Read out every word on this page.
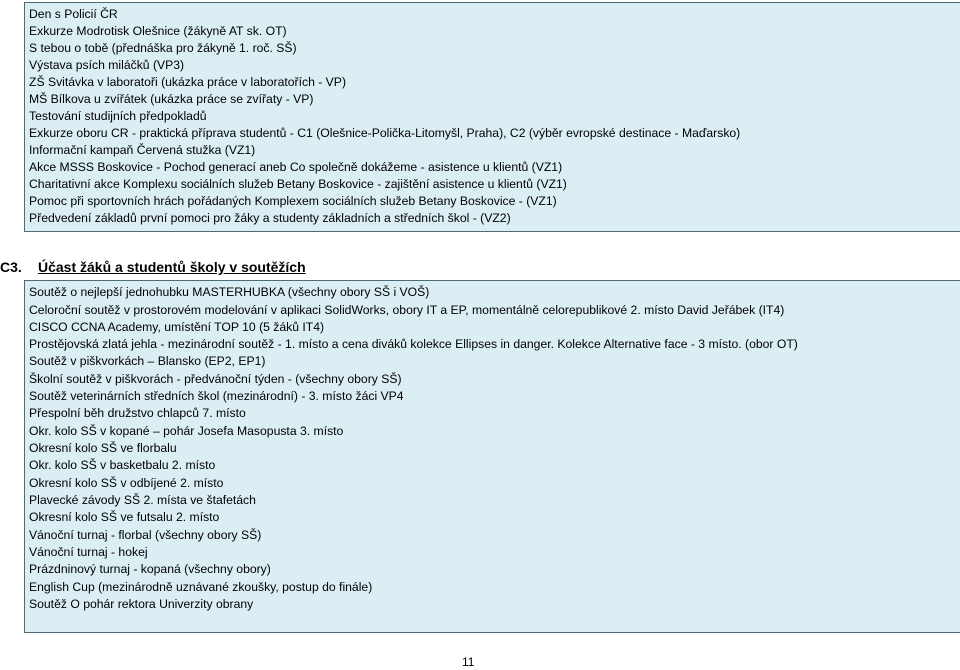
Den s Policií ČR
Exkurze Modrotisk Olešnice (žákyně AT sk. OT)
S tebou o tobě (přednáška pro žákyně 1. roč. SŠ)
Výstava psích miláčků (VP3)
ZŠ Svitávka v laboratoři (ukázka práce v laboratořích - VP)
MŠ Bílkova u zvířátek (ukázka práce se zvířaty - VP)
Testování studijních předpokladů
Exkurze oboru CR - praktická příprava studentů - C1 (Olešnice-Polička-Litomyšl, Praha), C2 (výběr evropské destinace - Maďarsko)
Informační kampaň Červená stužka (VZ1)
Akce MSSS Boskovice - Pochod generací aneb Co společně dokážeme - asistence u klientů (VZ1)
Charitativní akce Komplexu sociálních služeb Betany Boskovice - zajištění asistence u klientů (VZ1)
Pomoc při sportovních hrách pořádaných Komplexem sociálních služeb Betany Boskovice - (VZ1)
Předvedení základů první pomoci pro žáky a studenty základních a středních škol - (VZ2)
C3. Účast žáků a studentů školy v soutěžích
Soutěž o nejlepší jednohubku MASTERHUBKA (všechny obory SŠ i VOŠ)
Celoroční soutěž v prostorovém modelování v aplikaci SolidWorks, obory IT a EP, momentálně celorepublikové 2. místo David Jeřábek (IT4)
CISCO CCNA Academy, umístění TOP 10 (5 žáků IT4)
Prostějovská zlatá jehla - mezinárodní soutěž - 1. místo a cena diváků kolekce Ellipses in danger. Kolekce Alternative face - 3 místo. (obor OT)
Soutěž v piškvorkách – Blansko (EP2, EP1)
Školní soutěž v piškvorách - předvánoční týden - (všechny obory SŠ)
Soutěž veterinárních středních škol (mezinárodní) - 3. místo žáci VP4
Přespolní běh družstvo chlapců 7. místo
Okr. kolo SŠ v kopané – pohár Josefa Masopusta 3. místo
Okresní kolo SŠ ve florbalu
Okr. kolo SŠ v basketbalu 2. místo
Okresní kolo SŠ v odbíjené 2. místo
Plavecké závody SŠ 2. místa ve štafetách
Okresní kolo SŠ ve futsalu 2. místo
Vánoční turnaj - florbal (všechny obory SŠ)
Vánoční turnaj - hokej
Prázdninový turnaj - kopaná (všechny obory)
English Cup (mezinárodně uznávané zkoušky, postup do finále)
Soutěž O pohár rektora Univerzity obrany
11
